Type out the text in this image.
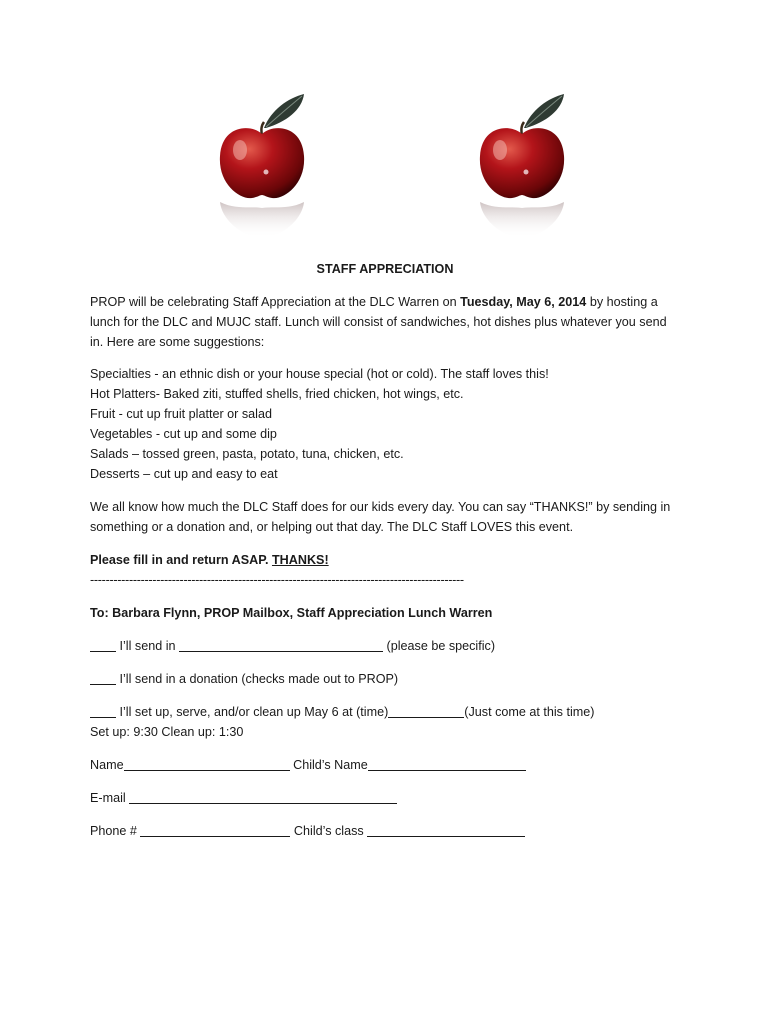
STAFF APPRECIATION

PROP will be celebrating Staff Appreciation at the DLC Warren on Tuesday, May 6, 2014 by hosting a

lunch for the DLC and MUJC staff. Lunch will consist of sandwiches, hot dishes plus whatever you send

in. Here are some suggestions:

Specialties - an ethnic dish or your house special (hot or cold). The staff loves this!

Hot Platters- Baked ziti, stuffed shells, fried chicken, hot wings, etc.

Fruit - cut up fruit platter or salad

Vegetables - cut up and some dip

Salads – tossed green, pasta, potato, tuna, chicken, etc.

Desserts – cut up and easy to eat

We all know how much the DLC Staff does for our kids every day. You can say “THANKS!” by sending in

something or a donation and, or helping out that day. The DLC Staff LOVES this event.

Please fill in and return ASAP. THANKS!

------------------------------------------------------------------------------------------------

To: Barbara Flynn, PROP Mailbox, Staff Appreciation Lunch Warren

I’ll send in	(please be specific)

I’ll send in a donation (checks made out to PROP)

I’ll set up, serve, and/or clean up May 6 at (time)	(Just come at this time)

Set up: 9:30 Clean up: 1:30

Name	Child’s Name

E-mail

Phone #	Child’s class
